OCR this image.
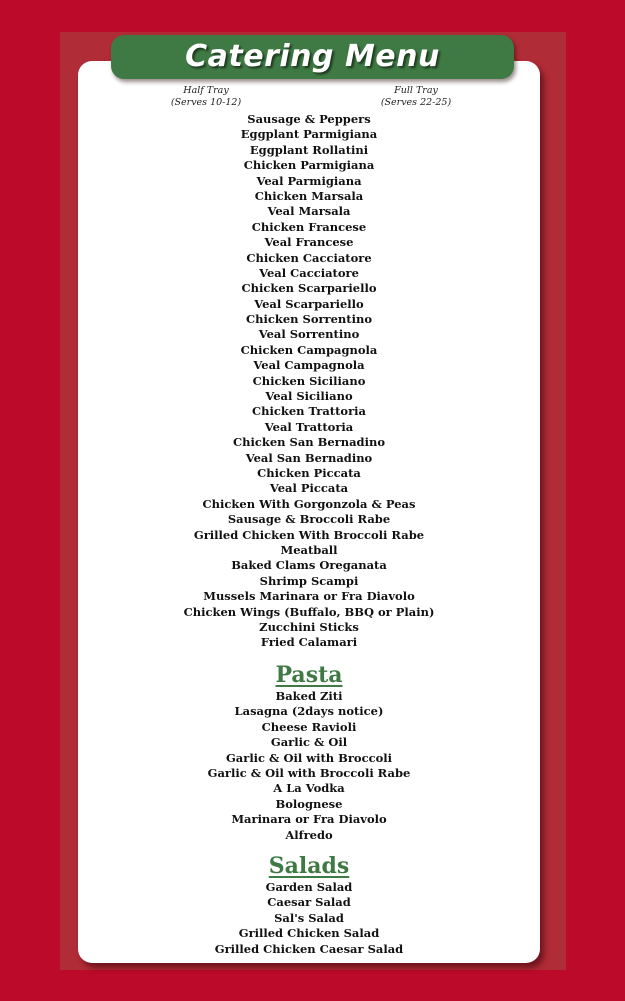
Catering Menu
Half Tray
(Serves 10-12)
Full Tray
(Serves 22-25)
Sausage & Peppers
Eggplant Parmigiana
Eggplant Rollatini
Chicken Parmigiana
Veal Parmigiana
Chicken Marsala
Veal Marsala
Chicken Francese
Veal Francese
Chicken Cacciatore
Veal Cacciatore
Chicken Scarpariello
Veal Scarpariello
Chicken Sorrentino
Veal Sorrentino
Chicken Campagnola
Veal Campagnola
Chicken Siciliano
Veal Siciliano
Chicken Trattoria
Veal Trattoria
Chicken San Bernadino
Veal San Bernadino
Chicken Piccata
Veal Piccata
Chicken With Gorgonzola & Peas
Sausage & Broccoli Rabe
Grilled Chicken With Broccoli Rabe
Meatball
Baked Clams Oreganata
Shrimp Scampi
Mussels Marinara or Fra Diavolo
Chicken Wings (Buffalo, BBQ or Plain)
Zucchini Sticks
Fried Calamari
Pasta
Baked Ziti
Lasagna (2days notice)
Cheese Ravioli
Garlic & Oil
Garlic & Oil with Broccoli
Garlic & Oil with Broccoli Rabe
A La Vodka
Bolognese
Marinara or Fra Diavolo
Alfredo
Salads
Garden Salad
Caesar Salad
Sal's Salad
Grilled Chicken Salad
Grilled Chicken Caesar Salad
